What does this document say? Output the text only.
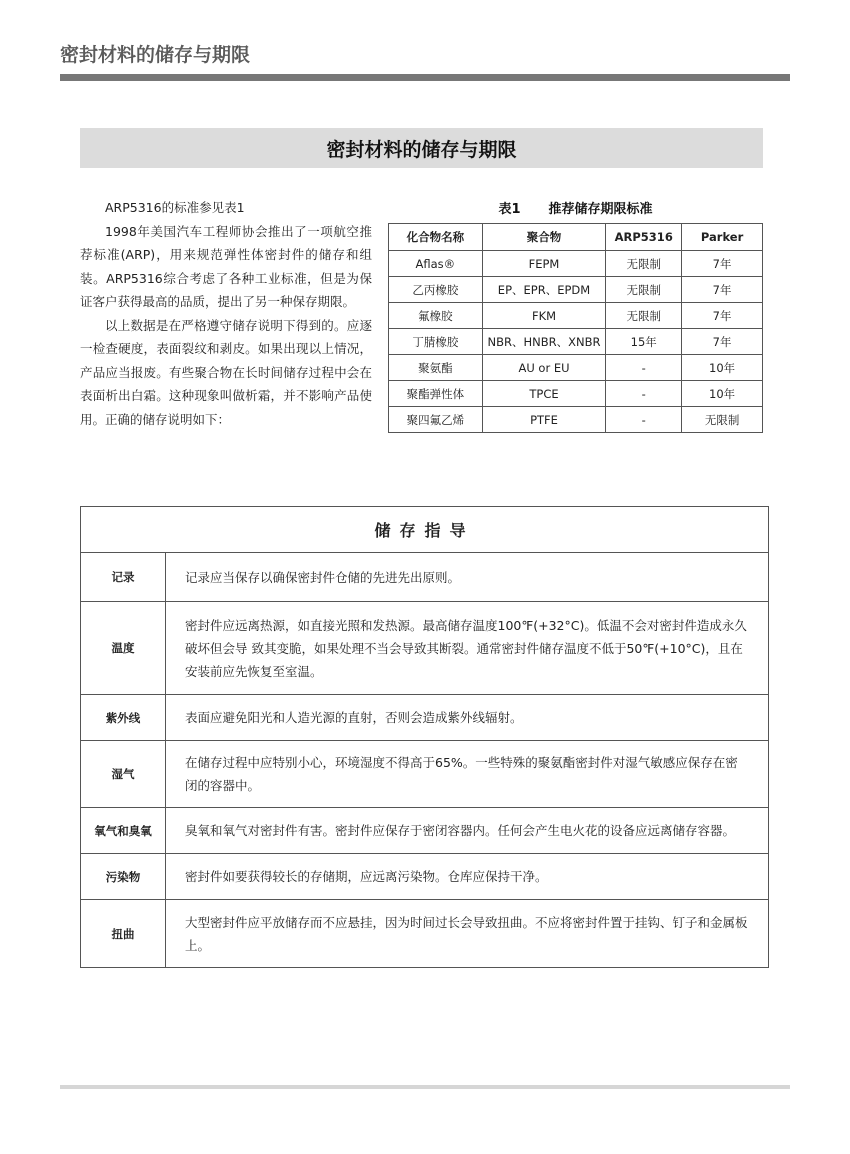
密封材料的储存与期限
密封材料的储存与期限

ARP5316的标准参见表1

1998年美国汽车工程师协会推出了一项航空推荐标准(ARP)，用来规范弹性体密封件的储存和组装。ARP5316综合考虑了各种工业标准，但是为保证客户获得最高的品质，提出了另一种保存期限。

以上数据是在严格遵守储存说明下得到的。应逐一检查硬度，表面裂纹和剥皮。如果出现以上情况，产品应当报废。有些聚合物在长时间储存过程中会在表面析出白霜。这种现象叫做析霜，并不影响产品使用。正确的储存说明如下：

表1 推荐储存期限标准
化合物名称	聚合物	ARP5316	Parker
Aflas®	FEPM	无限制	7年
乙丙橡胶	EP、EPR、EPDM	无限制	7年
氟橡胶	FKM	无限制	7年
丁腈橡胶	NBR、HNBR、XNBR	15年	7年
聚氨酯	AU or EU	-	10年
聚酯弹性体	TPCE	-	10年
聚四氟乙烯	PTFE	-	无限制
储存指导	
记录	记录应当保存以确保密封件仓储的先进先出原则。
温度	密封件应远离热源，如直接光照和发热源。最高储存温度100℉(+32°C)。低温不会对密封件造成永久破坏但会导 致其变脆，如果处理不当会导致其断裂。通常密封件储存温度不低于50℉(+10°C)，且在安装前应先恢复至室温。
紫外线	表面应避免阳光和人造光源的直射，否则会造成紫外线辐射。
湿气	在储存过程中应特别小心，环境湿度不得高于65%。一些特殊的聚氨酯密封件对湿气敏感应保存在密闭的容器中。
氧气和臭氧	臭氧和氧气对密封件有害。密封件应保存于密闭容器内。任何会产生电火花的设备应远离储存容器。
污染物	密封件如要获得较长的存储期，应远离污染物。仓库应保持干净。
扭曲	大型密封件应平放储存而不应悬挂，因为时间过长会导致扭曲。不应将密封件置于挂钩、钉子和金属板上。
